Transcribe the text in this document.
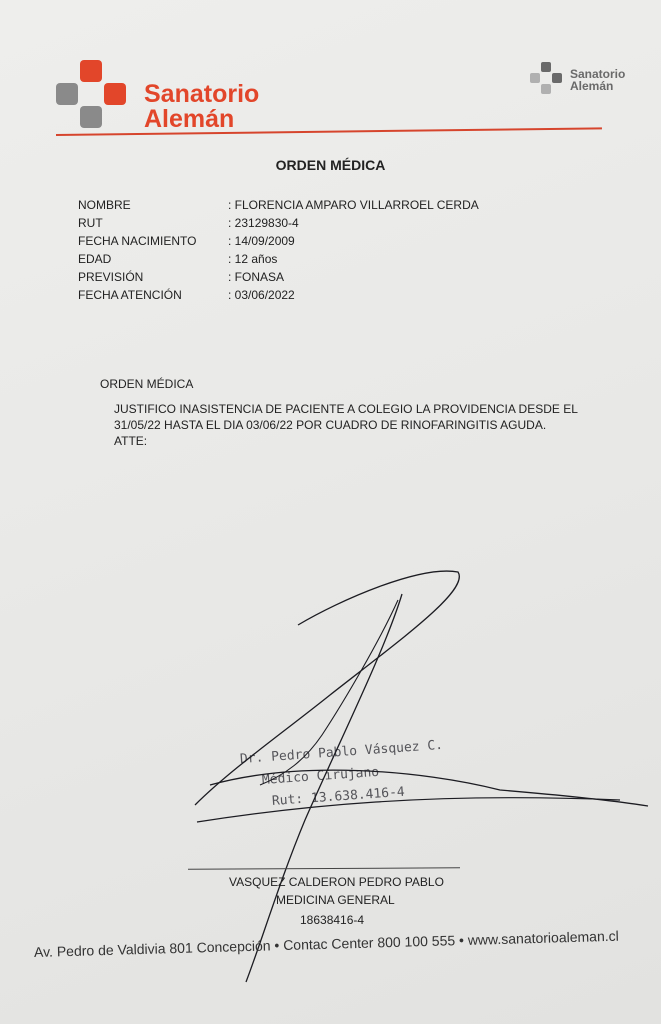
Sanatorio
Alemán
Sanatorio
Alemán
ORDEN MÉDICA
NOMBRE	: FLORENCIA AMPARO VILLARROEL CERDA
RUT	: 23129830-4
FECHA NACIMIENTO	: 14/09/2009
EDAD	: 12 años
PREVISIÓN	: FONASA
FECHA ATENCIÓN	: 03/06/2022
ORDEN MÉDICA
JUSTIFICO INASISTENCIA DE PACIENTE A COLEGIO LA PROVIDENCIA DESDE EL
31/05/22 HASTA EL DIA 03/06/22 POR CUADRO DE RINOFARINGITIS AGUDA.
ATTE:
Dr. Pedro Pablo Vásquez C.
Médico Cirujano
Rut: 13.638.416-4
VASQUEZ CALDERON PEDRO PABLO
MEDICINA GENERAL
18638416-4
Av. Pedro de Valdivia 801 Concepción • Contac Center 800 100 555 • www.sanatorioaleman.cl
